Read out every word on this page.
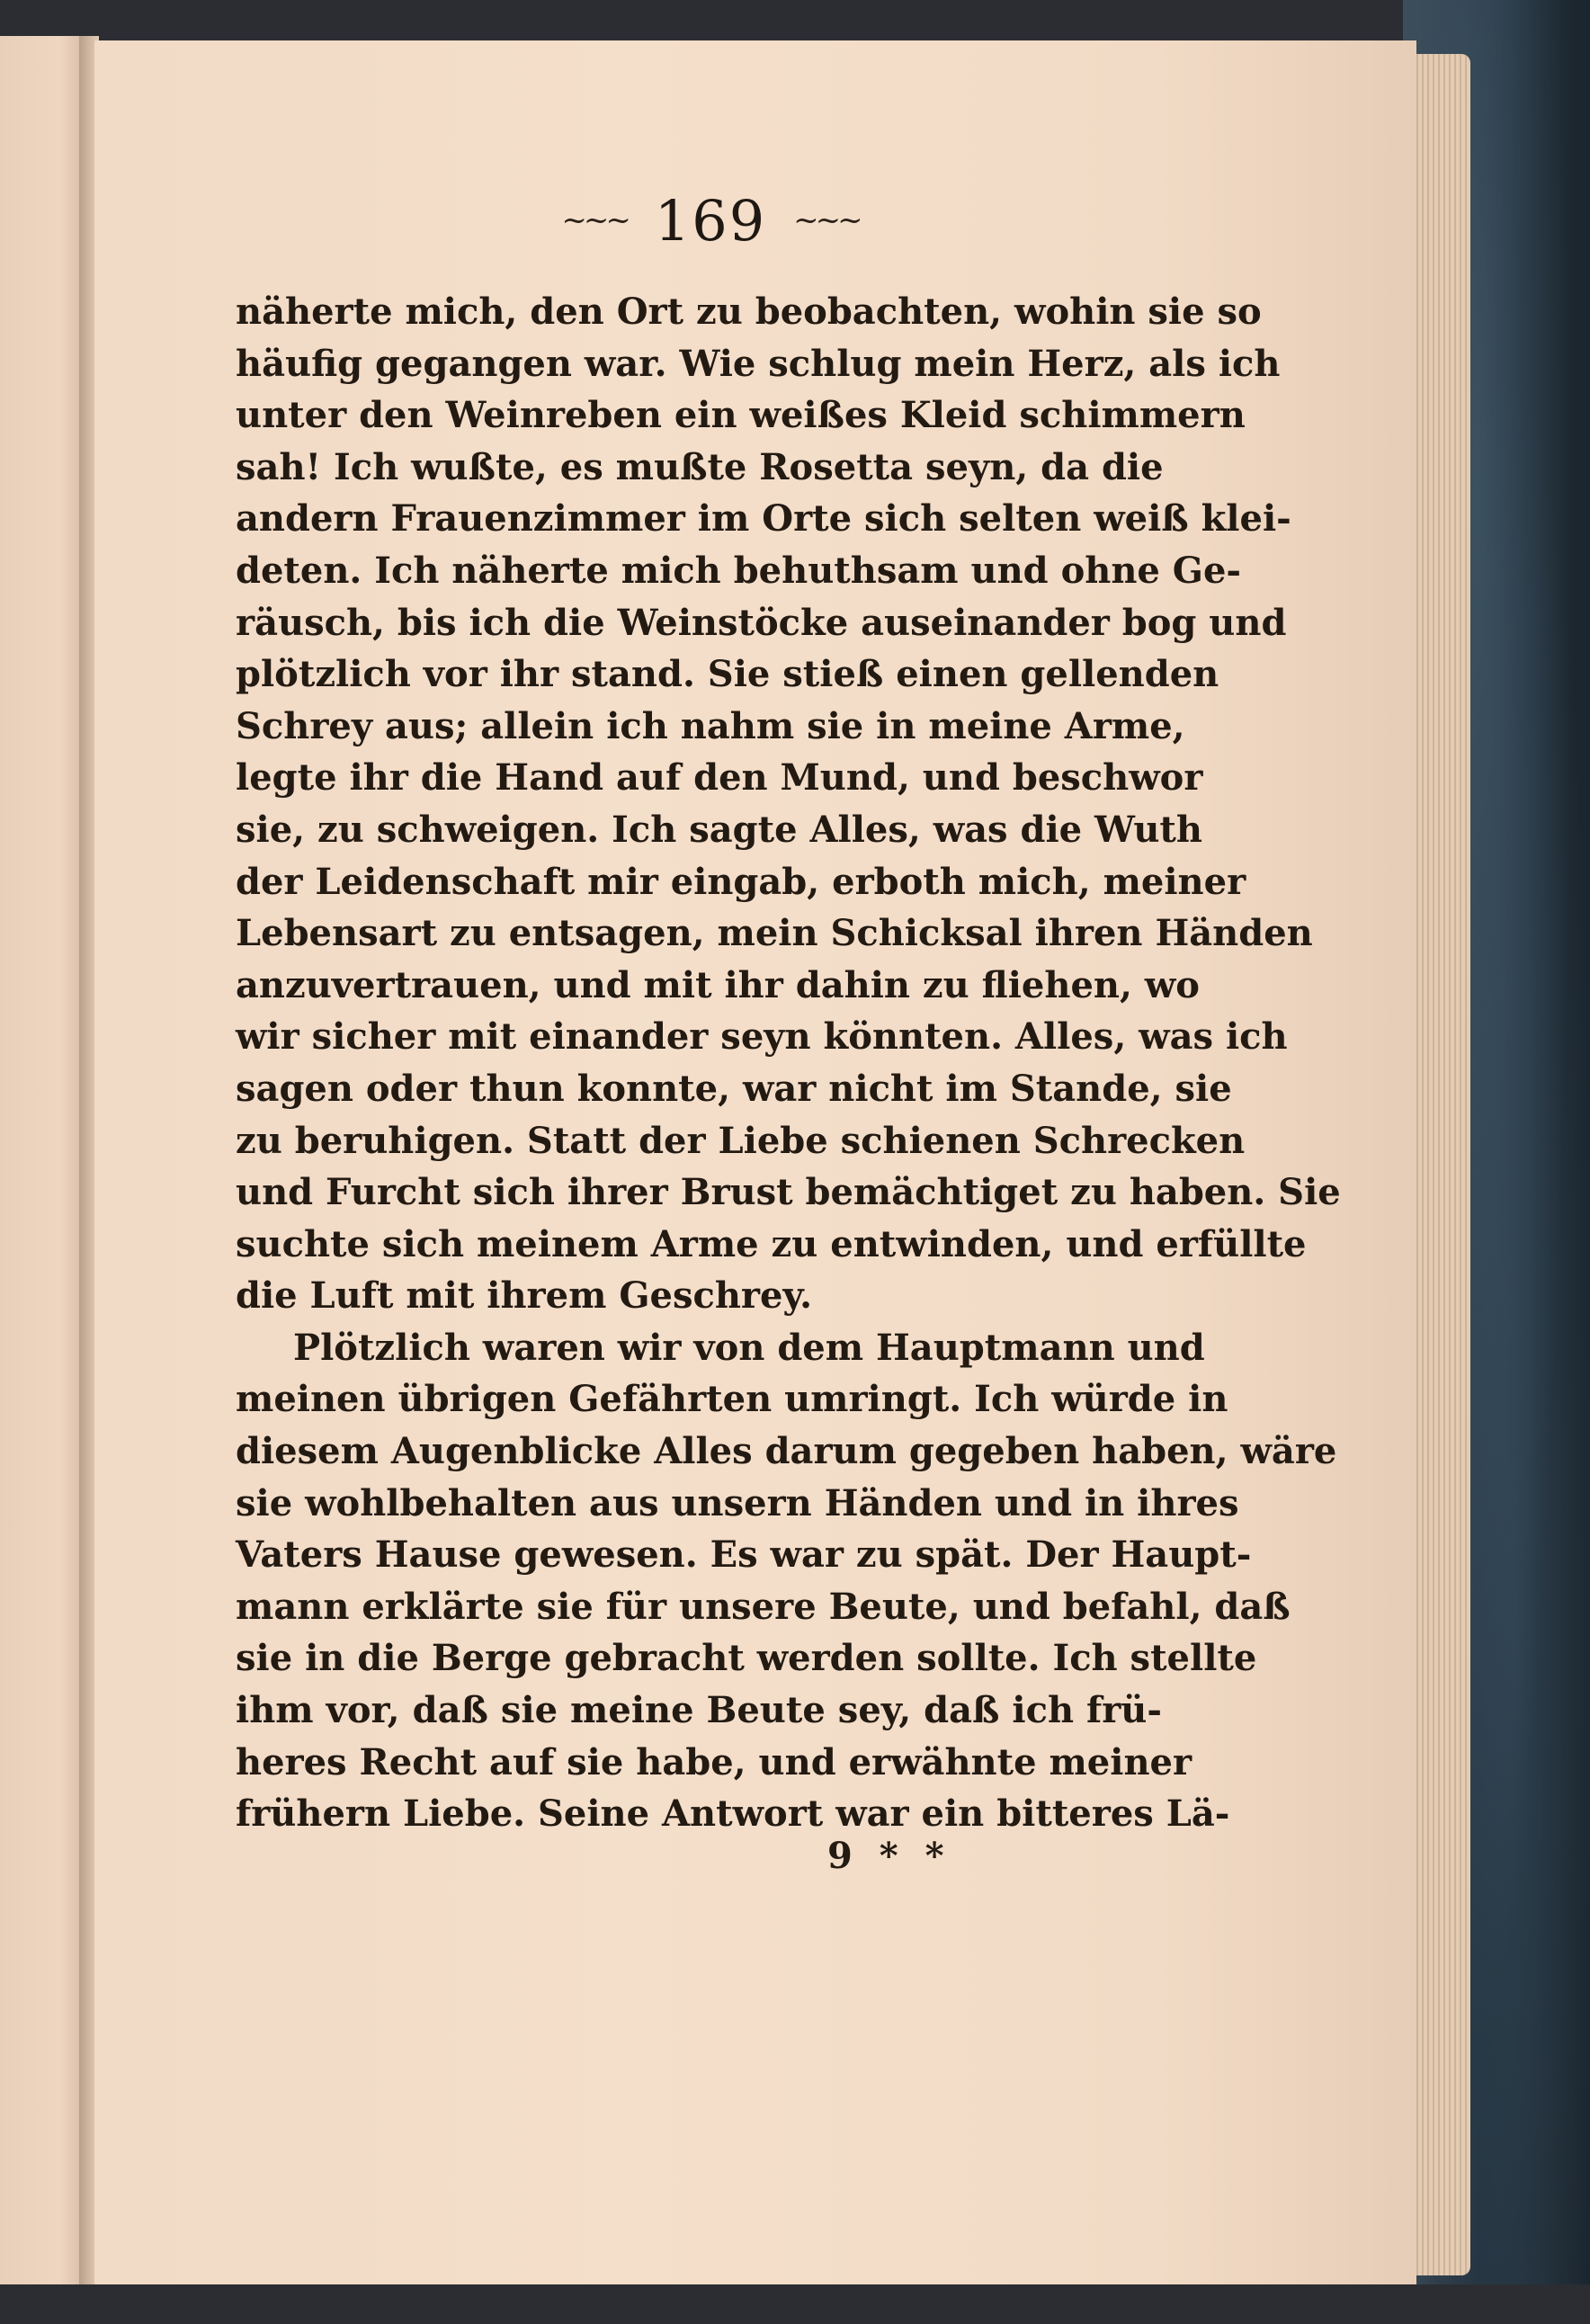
~~~ 169 ~~~
näherte mich, den Ort zu beobachten, wohin sie so
häufig gegangen war. Wie schlug mein Herz, als ich
unter den Weinreben ein weißes Kleid schimmern
sah! Ich wußte, es mußte Rosetta seyn, da die
andern Frauenzimmer im Orte sich selten weiß klei-
deten. Ich näherte mich behuthsam und ohne Ge-
räusch, bis ich die Weinstöcke auseinander bog und
plötzlich vor ihr stand. Sie stieß einen gellenden
Schrey aus; allein ich nahm sie in meine Arme,
legte ihr die Hand auf den Mund, und beschwor
sie, zu schweigen. Ich sagte Alles, was die Wuth
der Leidenschaft mir eingab, erboth mich, meiner
Lebensart zu entsagen, mein Schicksal ihren Händen
anzuvertrauen, und mit ihr dahin zu fliehen, wo
wir sicher mit einander seyn könnten. Alles, was ich
sagen oder thun konnte, war nicht im Stande, sie
zu beruhigen. Statt der Liebe schienen Schrecken
und Furcht sich ihrer Brust bemächtiget zu haben. Sie
suchte sich meinem Arme zu entwinden, und erfüllte
die Luft mit ihrem Geschrey.
Plötzlich waren wir von dem Hauptmann und
meinen übrigen Gefährten umringt. Ich würde in
diesem Augenblicke Alles darum gegeben haben, wäre
sie wohlbehalten aus unsern Händen und in ihres
Vaters Hause gewesen. Es war zu spät. Der Haupt-
mann erklärte sie für unsere Beute, und befahl, daß
sie in die Berge gebracht werden sollte. Ich stellte
ihm vor, daß sie meine Beute sey, daß ich frü-
heres Recht auf sie habe, und erwähnte meiner
frühern Liebe. Seine Antwort war ein bitteres Lä-
9 * *
